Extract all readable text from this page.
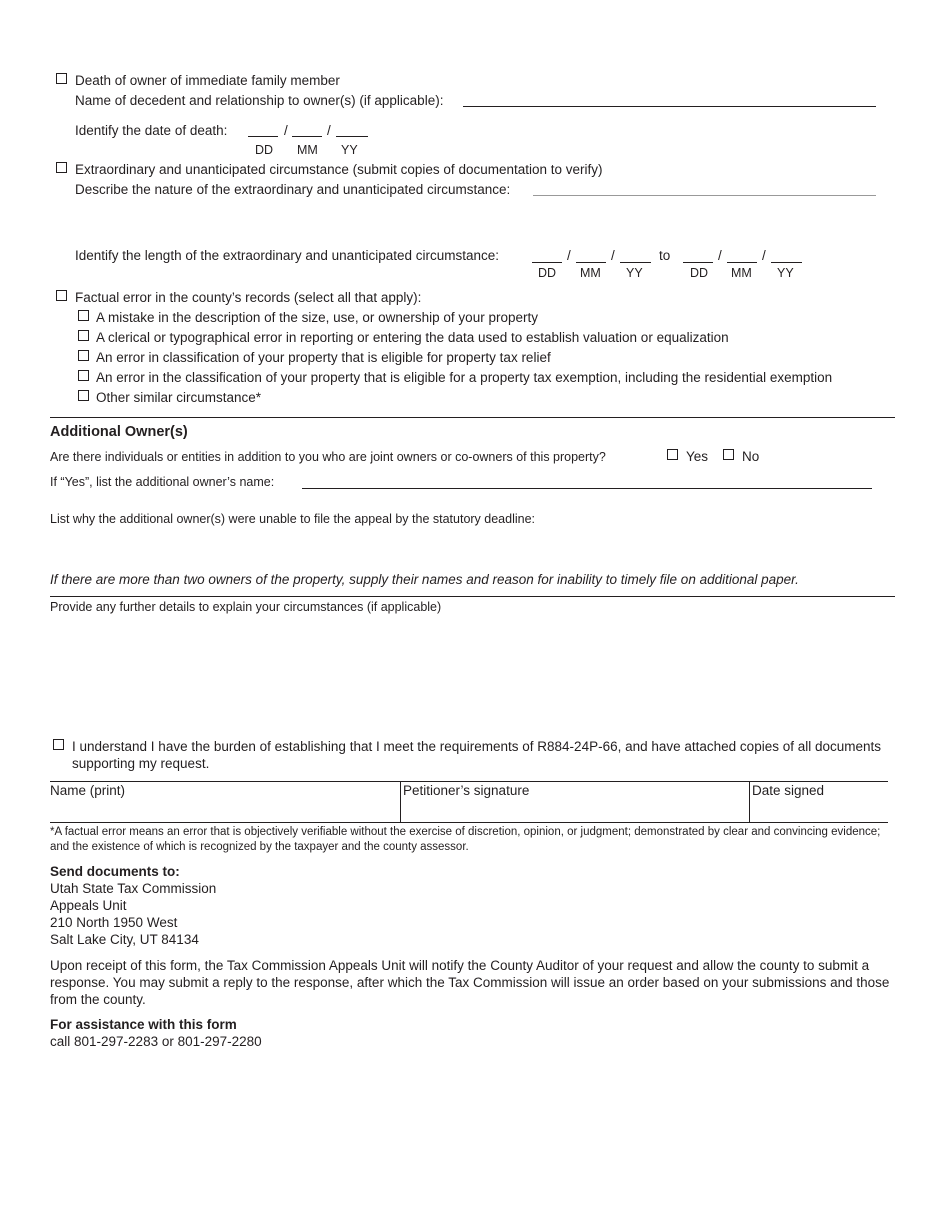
Death of owner of immediate family member
Name of decedent and relationship to owner(s) (if applicable):
Identify the date of death:	/	/
DD MM YY
Extraordinary and unanticipated circumstance (submit copies of documentation to verify)
Describe the nature of the extraordinary and unanticipated circumstance:
Identify the length of the extraordinary and unanticipated circumstance:	/	/	to	/	/
DD MM YY	DD MM YY
Factual error in the county’s records (select all that apply):
A mistake in the description of the size, use, or ownership of your property
A clerical or typographical error in reporting or entering the data used to establish valuation or equalization
An error in classification of your property that is eligible for property tax relief
An error in the classification of your property that is eligible for a property tax exemption, including the residential exemption
Other similar circumstance*
Additional Owner(s)
Are there individuals or entities in addition to you who are joint owners or co-owners of this property?	Yes	No
If “Yes”, list the additional owner’s name:
List why the additional owner(s) were unable to file the appeal by the statutory deadline:
If there are more than two owners of the property, supply their names and reason for inability to timely file on additional paper.
Provide any further details to explain your circumstances (if applicable)
I understand I have the burden of establishing that I meet the requirements of R884-24P-66, and have attached copies of all documents supporting my request.
Name (print)	Petitioner’s signature	Date signed
*A factual error means an error that is objectively verifiable without the exercise of discretion, opinion, or judgment; demonstrated by clear and convincing evidence; and the existence of which is recognized by the taxpayer and the county assessor.
Send documents to:
Utah State Tax Commission
Appeals Unit
210 North 1950 West
Salt Lake City, UT 84134
Upon receipt of this form, the Tax Commission Appeals Unit will notify the County Auditor of your request and allow the county to submit a response. You may submit a reply to the response, after which the Tax Commission will issue an order based on your submissions and those from the county.
For assistance with this form
call 801-297-2283 or 801-297-2280
